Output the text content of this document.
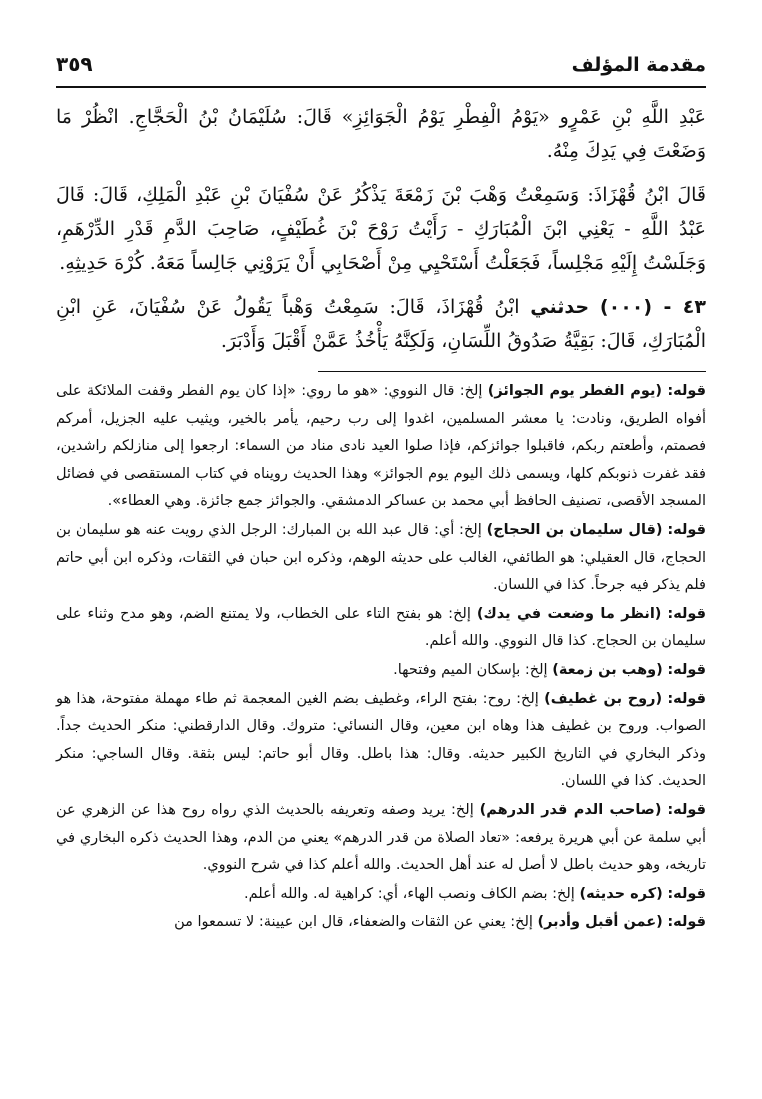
مقدمة المؤلف
٣٥٩

عَبْدِ اللَّهِ بْنِ عَمْرٍو «يَوْمُ الْفِطْرِ يَوْمُ الْجَوَائِزِ» قَالَ: سُلَيْمَانُ بْنُ الْحَجَّاجِ. انْظُرْ مَا وَضَعْتَ فِي يَدِكَ مِنْهُ.

قَالَ ابْنُ قُهْزَاذَ: وَسَمِعْتُ وَهْبَ بْنَ زَمْعَةَ يَذْكُرُ عَنْ سُفْيَانَ بْنِ عَبْدِ الْمَلِكِ، قَالَ: قَالَ عَبْدُ اللَّهِ - يَعْنِي ابْنَ الْمُبَارَكِ - رَأَيْتُ رَوْحَ بْنَ غُطَيْفٍ، صَاحِبَ الدَّمِ قَدْرِ الدِّرْهَمِ، وَجَلَسْتُ إِلَيْهِ مَجْلِساً، فَجَعَلْتُ أَسْتَحْيِي مِنْ أَصْحَابِي أَنْ يَرَوْنِي جَالِساً مَعَهُ. كُرْهَ حَدِيثِهِ.

٤٣ - (٠٠٠) حدثني ابْنُ قُهْزَاذَ، قَالَ: سَمِعْتُ وَهْباً يَقُولُ عَنْ سُفْيَانَ، عَنِ ابْنِ الْمُبَارَكِ، قَالَ: بَقِيَّةُ صَدُوقُ اللِّسَانِ، وَلَكِنَّهُ يَأْخُذُ عَمَّنْ أَقْبَلَ وَأَدْبَرَ.

قوله: (يوم الفطر يوم الجوائز) إلخ: قال النووي: «هو ما روي: «إذا كان يوم الفطر وقفت الملائكة على أفواه الطريق، ونادت: يا معشر المسلمين، اغدوا إلى رب رحيم، يأمر بالخير، ويثيب عليه الجزيل، أمركم فصمتم، وأطعتم ربكم، فاقبلوا جوائزكم، فإذا صلوا العيد نادى مناد من السماء: ارجعوا إلى منازلكم راشدين، فقد غفرت ذنوبكم كلها، ويسمى ذلك اليوم يوم الجوائز» وهذا الحديث رويناه في كتاب المستقصى في فضائل المسجد الأقصى، تصنيف الحافظ أبي محمد بن عساكر الدمشقي. والجوائز جمع جائزة. وهي العطاء».

قوله: (قال سليمان بن الحجاج) إلخ: أي: قال عبد الله بن المبارك: الرجل الذي رويت عنه هو سليمان بن الحجاج، قال العقيلي: هو الطائفي، الغالب على حديثه الوهم، وذكره ابن حبان في الثقات، وذكره ابن أبي حاتم فلم يذكر فيه جرحاً. كذا في اللسان.

قوله: (انظر ما وضعت في يدك) إلخ: هو بفتح التاء على الخطاب، ولا يمتنع الضم، وهو مدح وثناء على سليمان بن الحجاج. كذا قال النووي. والله أعلم.

قوله: (وهب بن زمعة) إلخ: بإسكان الميم وفتحها.

قوله: (روح بن غطيف) إلخ: روح: بفتح الراء، وغطيف بضم الغين المعجمة ثم طاء مهملة مفتوحة، هذا هو الصواب. وروح بن غطيف هذا وهاه ابن معين، وقال النسائي: متروك. وقال الدارقطني: منكر الحديث جداً. وذكر البخاري في التاريخ الكبير حديثه. وقال: هذا باطل. وقال أبو حاتم: ليس بثقة. وقال الساجي: منكر الحديث. كذا في اللسان.

قوله: (صاحب الدم قدر الدرهم) إلخ: يريد وصفه وتعريفه بالحديث الذي رواه روح هذا عن الزهري عن أبي سلمة عن أبي هريرة يرفعه: «تعاد الصلاة من قدر الدرهم» يعني من الدم، وهذا الحديث ذكره البخاري في تاريخه، وهو حديث باطل لا أصل له عند أهل الحديث. والله أعلم كذا في شرح النووي.

قوله: (كره حديثه) إلخ: بضم الكاف ونصب الهاء، أي: كراهية له. والله أعلم.

قوله: (عمن أقبل وأدبر) إلخ: يعني عن الثقات والضعفاء، قال ابن عيينة: لا تسمعوا من
